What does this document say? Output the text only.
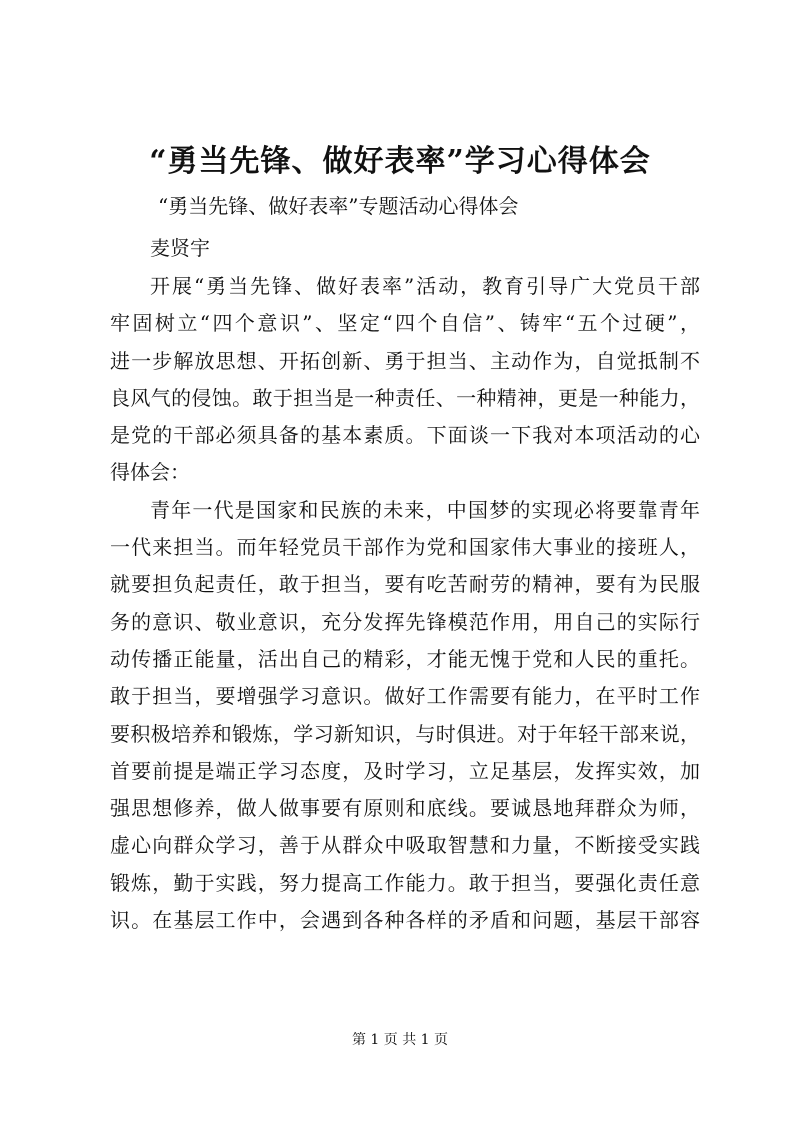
“勇当先锋、做好表率”学习心得体会
“勇当先锋、做好表率”专题活动心得体会
麦贤宇
开展“勇当先锋、做好表率”活动，教育引导广大党员干部
牢固树立“四个意识”、坚定“四个自信”、铸牢“五个过硬”，
进一步解放思想、开拓创新、勇于担当、主动作为，自觉抵制不
良风气的侵蚀。敢于担当是一种责任、一种精神，更是一种能力，
是党的干部必须具备的基本素质。下面谈一下我对本项活动的心
得体会：
青年一代是国家和民族的未来，中国梦的实现必将要靠青年
一代来担当。而年轻党员干部作为党和国家伟大事业的接班人，
就要担负起责任，敢于担当，要有吃苦耐劳的精神，要有为民服
务的意识、敬业意识，充分发挥先锋模范作用，用自己的实际行
动传播正能量，活出自己的精彩，才能无愧于党和人民的重托。
敢于担当，要增强学习意识。做好工作需要有能力，在平时工作
要积极培养和锻炼，学习新知识，与时俱进。对于年轻干部来说，
首要前提是端正学习态度，及时学习，立足基层，发挥实效，加
强思想修养，做人做事要有原则和底线。要诚恳地拜群众为师，
虚心向群众学习，善于从群众中吸取智慧和力量，不断接受实践
锻炼，勤于实践，努力提高工作能力。敢于担当，要强化责任意
识。在基层工作中，会遇到各种各样的矛盾和问题，基层干部容
第 1 页 共 1 页
